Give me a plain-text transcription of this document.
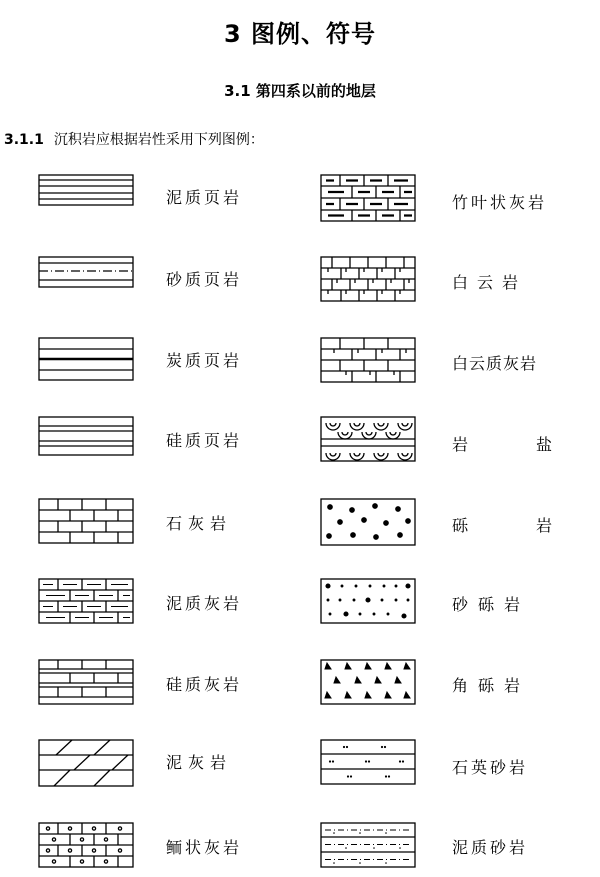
3 图例、符号
3.1 第四系以前的地层
3.1.1 沉积岩应根据岩性采用下列图例：
泥质页岩
砂质页岩
炭质页岩
硅质页岩
石灰岩
泥质灰岩
硅质灰岩
泥灰岩
鲕状灰岩
竹叶状灰岩
白云岩
白云质灰岩
岩	盐
砾	岩
砂砾岩
角砾岩
石英砂岩
泥质砂岩
